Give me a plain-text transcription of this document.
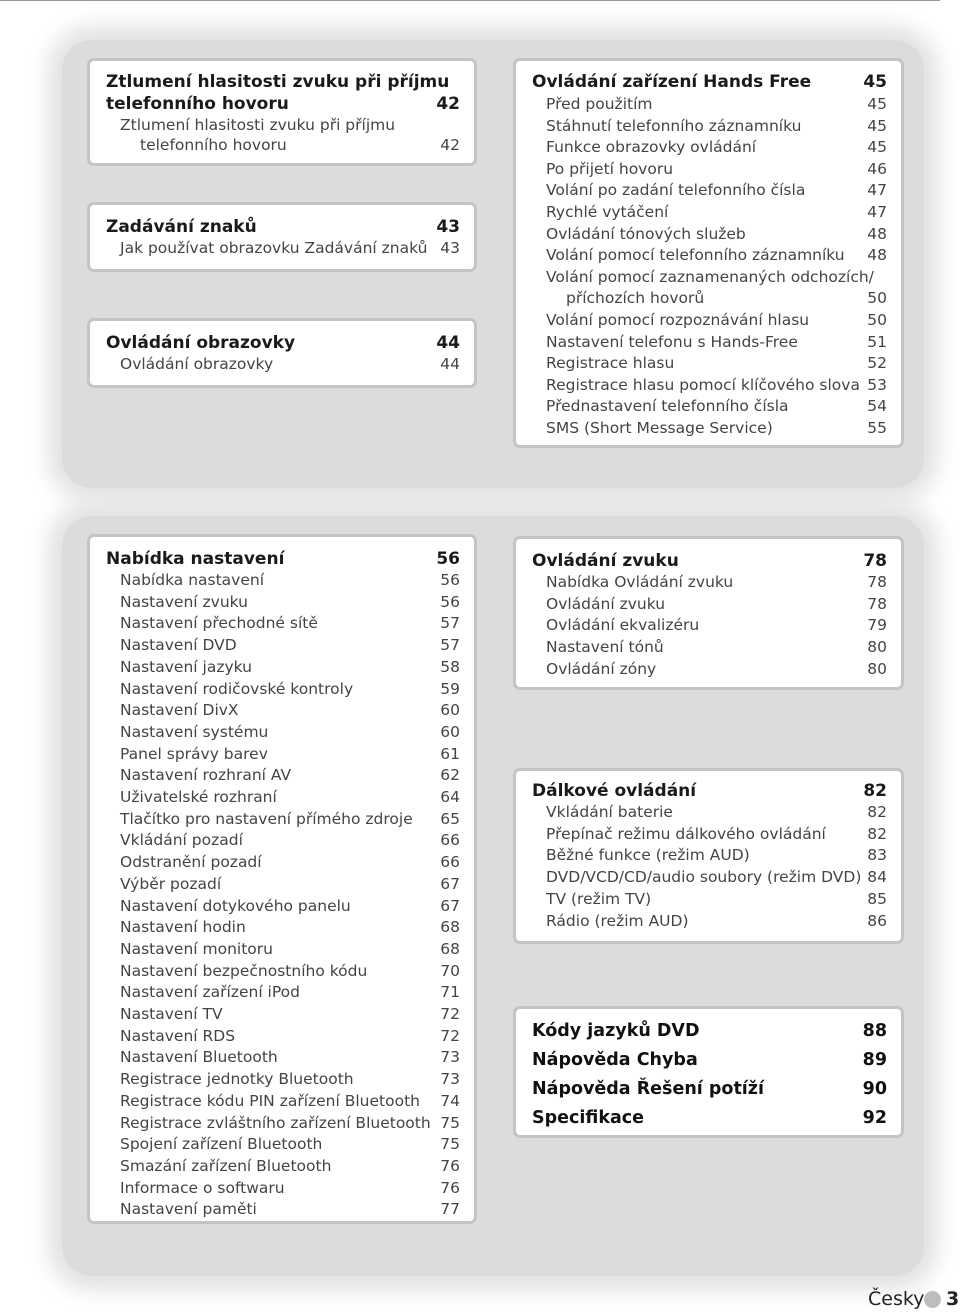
Ztlumení hlasitosti zvuku při příjmu
telefonního hovoru	42
Ztlumení hlasitosti zvuku při příjmu
telefonního hovoru	42
Zadávání znaků	43
Jak používat obrazovku Zadávání znaků 43
Ovládání obrazovky	44
Ovládání obrazovky	44
Ovládání zařízení Hands Free	45
Před použitím	45
Stáhnutí telefonního záznamníku	45
Funkce obrazovky ovládání	45
Po přijetí hovoru	46
Volání po zadání telefonního čísla	47
Rychlé vytáčení	47
Ovládání tónových služeb	48
Volání pomocí telefonního záznamníku 48
Volání pomocí zaznamenaných odchozích/
příchozích hovorů	50
Volání pomocí rozpoznávání hlasu	50
Nastavení telefonu s Hands-Free	51
Registrace hlasu	52
Registrace hlasu pomocí klíčového slova 53
Přednastavení telefonního čísla	54
SMS (Short Message Service)	55
Nabídka nastavení	56
Nabídka nastavení	56
Nastavení zvuku	56
Nastavení přechodné sítě	57
Nastavení DVD	57
Nastavení jazyku	58
Nastavení rodičovské kontroly	59
Nastavení DivX	60
Nastavení systému	60
Panel správy barev	61
Nastavení rozhraní AV	62
Uživatelské rozhraní	64
Tlačítko pro nastavení přímého zdroje 65
Vkládání pozadí	66
Odstranění pozadí	66
Výběr pozadí	67
Nastavení dotykového panelu	67
Nastavení hodin	68
Nastavení monitoru	68
Nastavení bezpečnostního kódu	70
Nastavení zařízení iPod	71
Nastavení TV	72
Nastavení RDS	72
Nastavení Bluetooth	73
Registrace jednotky Bluetooth	73
Registrace kódu PIN zařízení Bluetooth 74
Registrace zvláštního zařízení Bluetooth 75
Spojení zařízení Bluetooth	75
Smazání zařízení Bluetooth	76
Informace o softwaru	76
Nastavení paměti	77
Ovládání zvuku	78
Nabídka Ovládání zvuku	78
Ovládání zvuku	78
Ovládání ekvalizéru	79
Nastavení tónů	80
Ovládání zóny	80
Dálkové ovládání	82
Vkládání baterie	82
Přepínač režimu dálkového ovládání	82
Běžné funkce (režim AUD)	83
DVD/VCD/CD/audio soubory (režim DVD) 84
TV (režim TV)	85
Rádio (režim AUD)	86
Kódy jazyků DVD	88
Nápověda Chyba	89
Nápověda Řešení potíží	90
Specifikace	92
Česky 3
